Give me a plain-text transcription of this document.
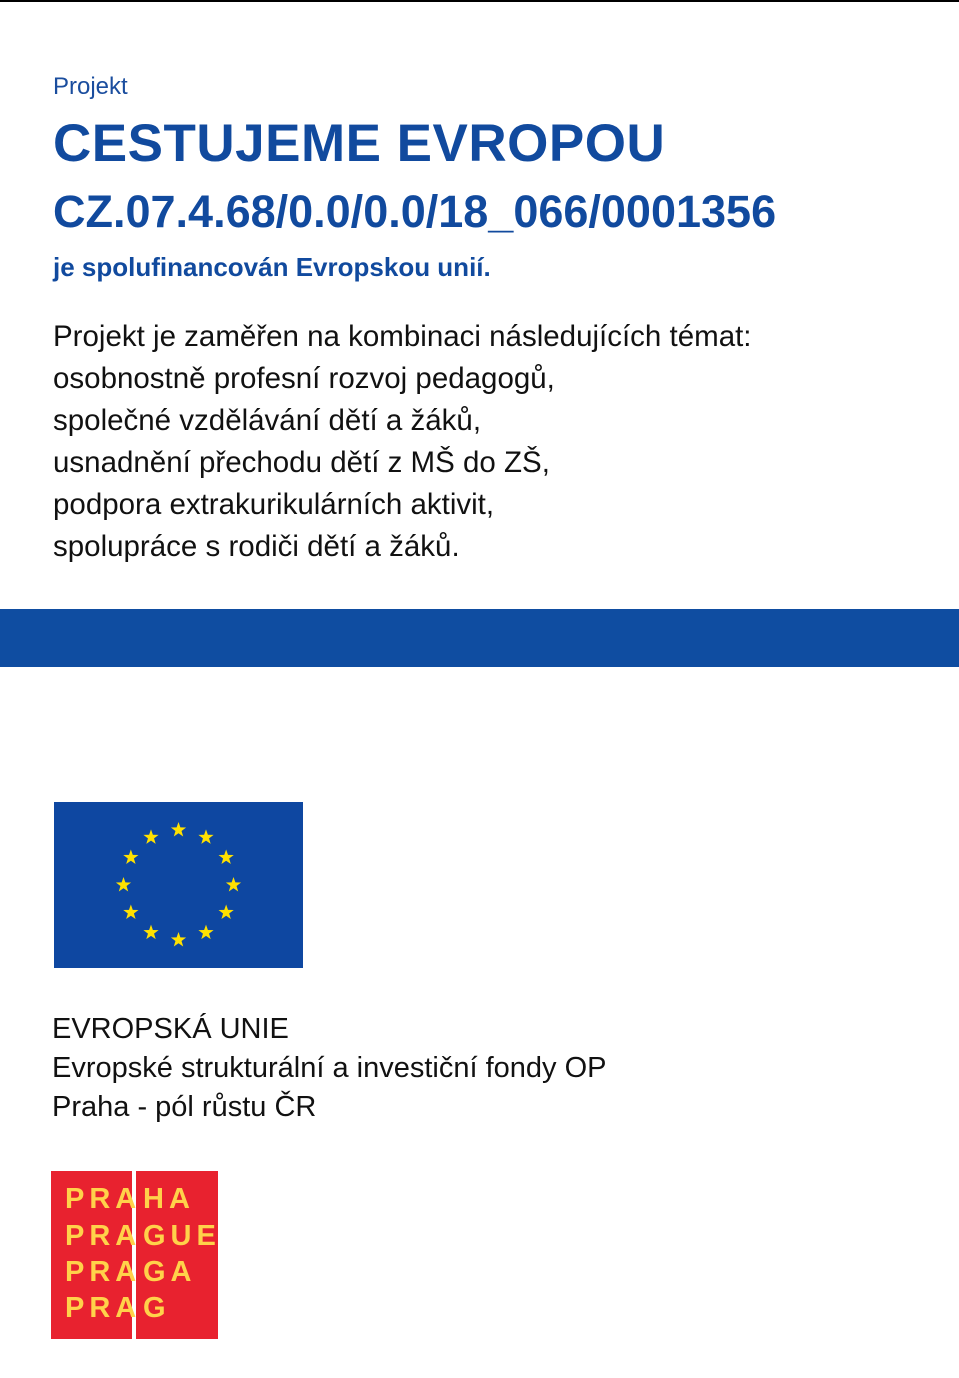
Projekt

CESTUJEME EVROPOU

CZ.07.4.68/0.0/0.0/18_066/0001356

je spolufinancován Evropskou unií.

Projekt je zaměřen na kombinaci následujících témat:
osobnostně profesní rozvoj pedagogů,
společné vzdělávání dětí a žáků,
usnadnění přechodu dětí z MŠ do ZŠ,
podpora extrakurikulárních aktivit,
spolupráce s rodiči dětí a žáků.
EVROPSKÁ UNIE
Evropské strukturální a investiční fondy OP
Praha - pól růstu ČR
PRA HA
PRA GUE
PRA GA
PRA G
